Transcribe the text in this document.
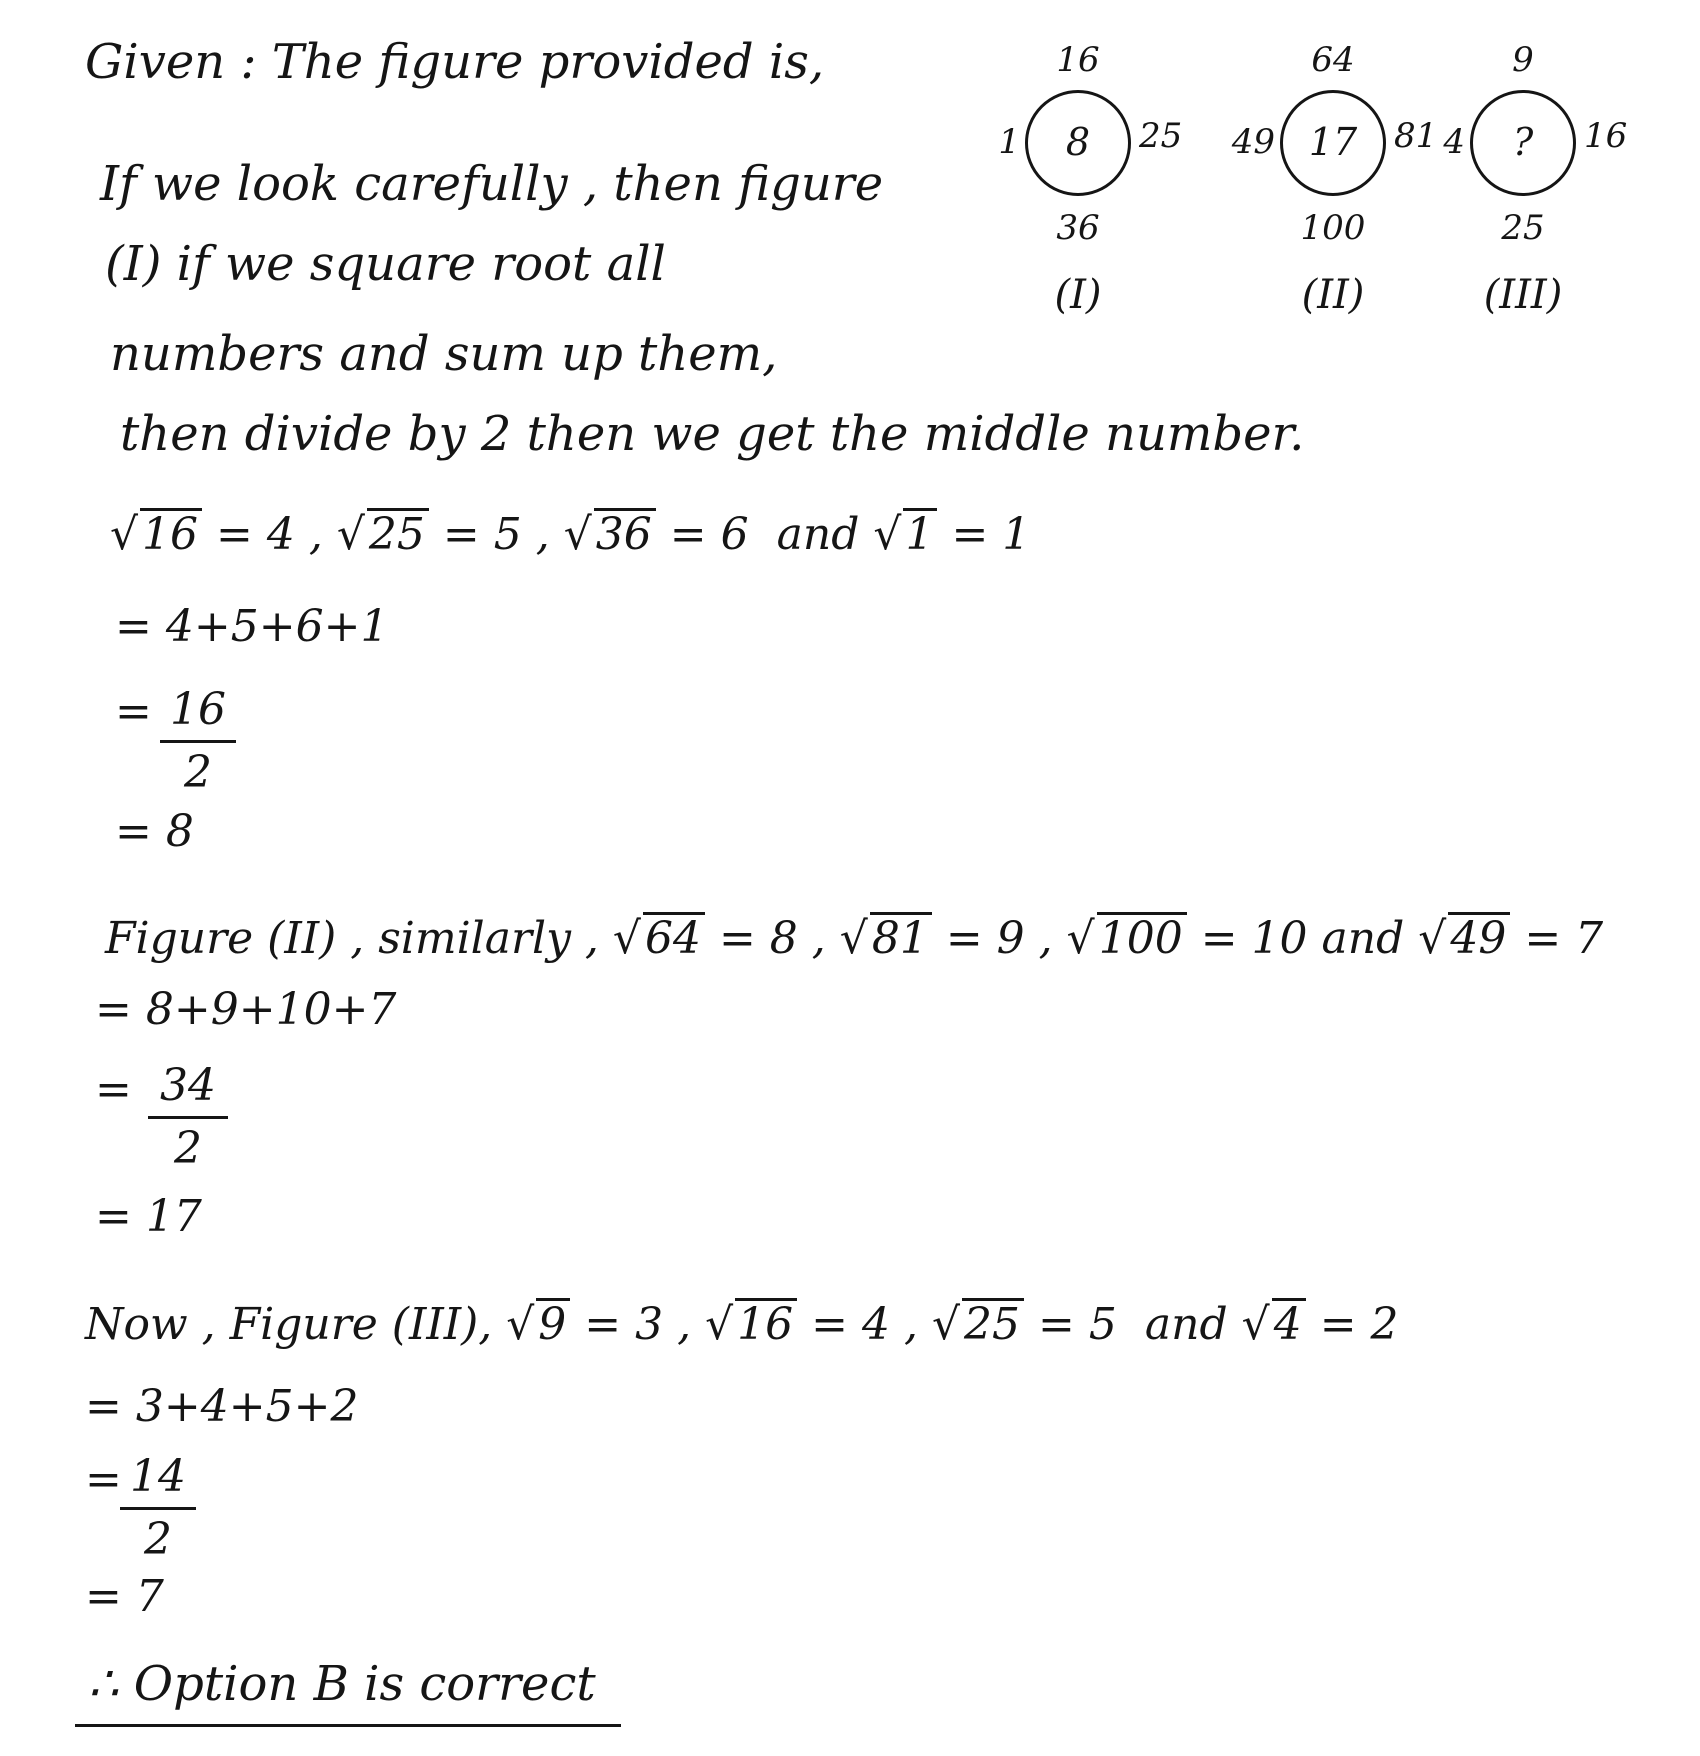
Given : The figure provided is,
If we look carefully , then figure
(I) if we square root all
numbers and sum up them,
then divide by 2 then we get the middle number.
16
1	8	25
36
(I)
64
49 17	81
100
(II)
9
4	?	16
25
(III)
√16 = 4 , √25 = 5 , √36 = 6 and √1 = 1
= 4+5+6+1
= 16
2
= 8
Figure (II) , similarly , √64 = 8 , √81 = 9 , √100 = 10 and √49 = 7
= 8+9+10+7
= 34
2
= 17
Now , Figure (III), √9 = 3 , √16 = 4 , √25 = 5 and √4 = 2
= 3+4+5+2
= 14
2
= 7
∴ Option B is correct
